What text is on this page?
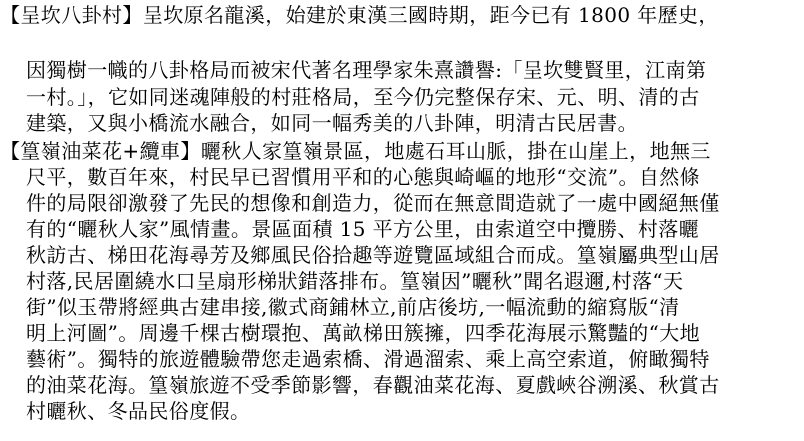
【呈坎八卦村】呈坎原名龍溪，始建於東漢三國時期，距今已有 1800 年歷史，
因獨樹一幟的八卦格局而被宋代著名理學家朱熹讚譽:「呈坎雙賢里，江南第
一村。」，它如同迷魂陣般的村莊格局，至今仍完整保存宋、元、明、清的古
建築，又與小橋流水融合，如同一幅秀美的八卦陣，明清古民居書。
【篁嶺油菜花+纜車】曬秋人家篁嶺景區，地處石耳山脈，掛在山崖上，地無三
尺平，數百年來，村民早已習慣用平和的心態與崎嶇的地形“交流”。自然條
件的局限卻激發了先民的想像和創造力，從而在無意間造就了一處中國絕無僅
有的“曬秋人家”風情畫。景區面積 15 平方公里，由索道空中攬勝、村落曬
秋訪古、梯田花海尋芳及鄉風民俗拾趣等遊覽區域組合而成。篁嶺屬典型山居
村落,民居圍繞水口呈扇形梯狀錯落排布。篁嶺因”曬秋”聞名遐邇,村落“天
街”似玉帶將經典古建串接,徽式商鋪林立,前店後坊,一幅流動的縮寫版“清
明上河圖”。周邊千棵古樹環抱、萬畝梯田簇擁，四季花海展示驚豔的“大地
藝術”。獨特的旅遊體驗帶您走過索橋、滑過溜索、乘上高空索道，俯瞰獨特
的油菜花海。篁嶺旅遊不受季節影響，春觀油菜花海、夏戲峽谷溯溪、秋賞古
村曬秋、冬品民俗度假。
